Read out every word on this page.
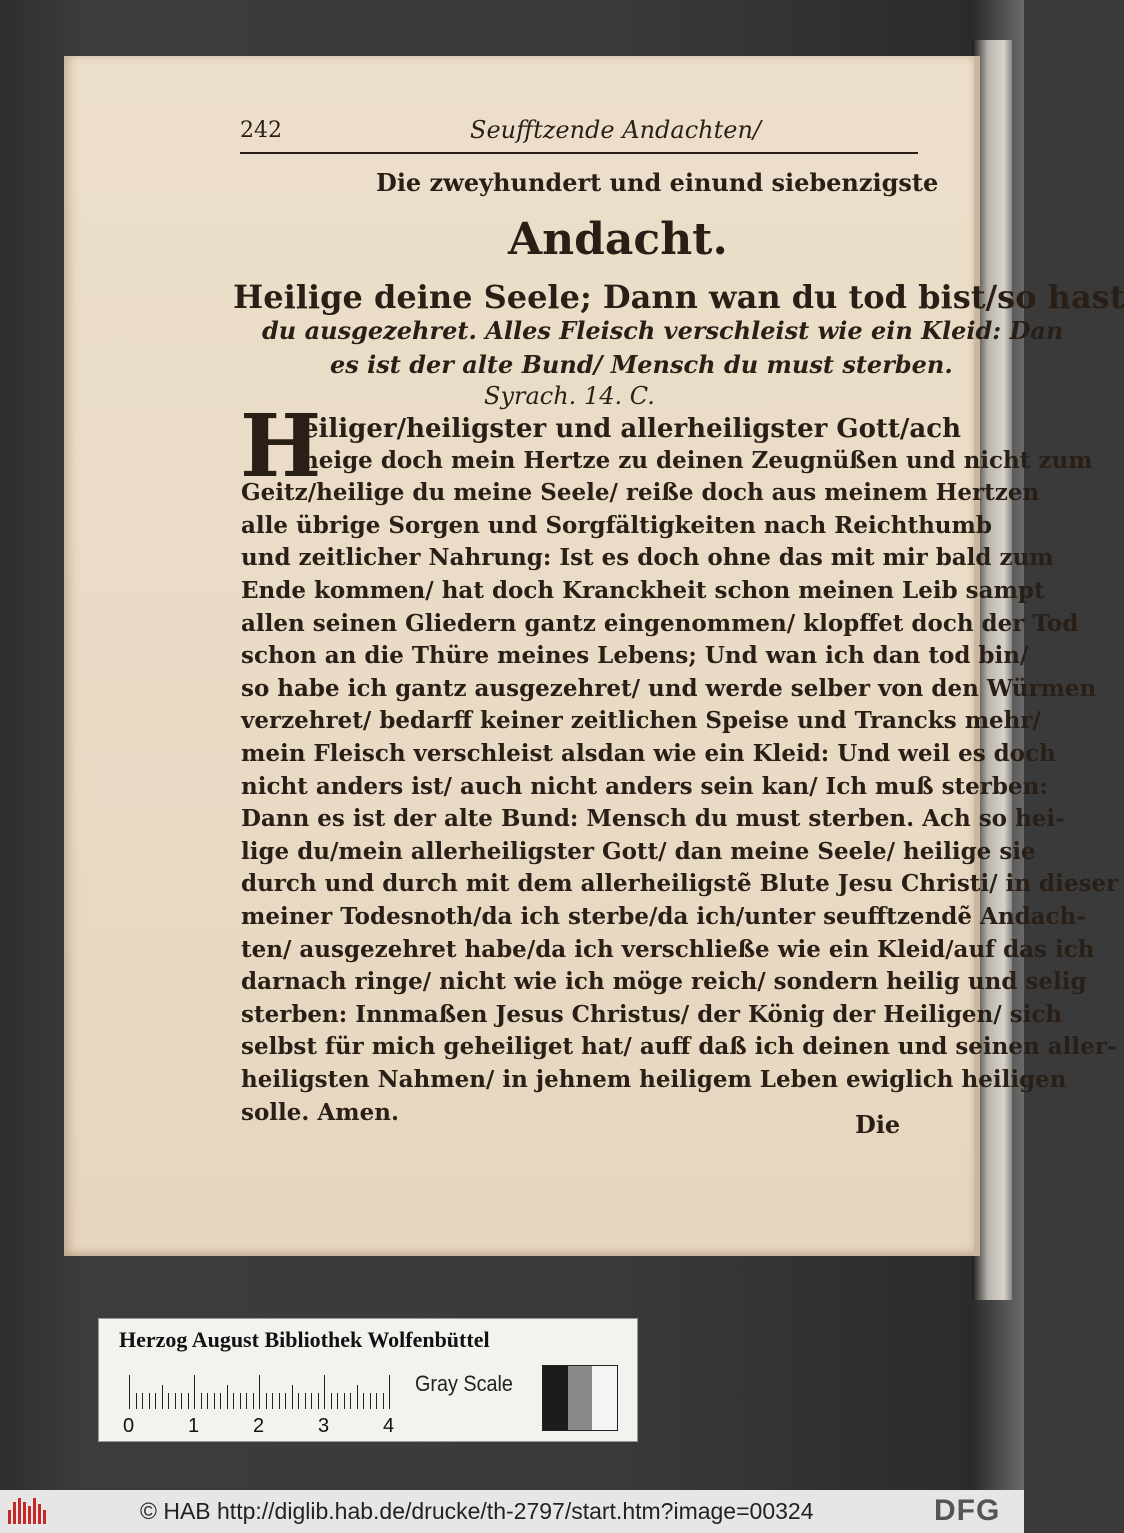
242	Seufftzende Andachten/
Die zweyhundert und einund siebenzigste
Andacht.
Heilige deine Seele; Dann wan du tod bist/so hast
du ausgezehret. Alles Fleisch verschleist wie ein Kleid: Dan
es ist der alte Bund/ Mensch du must sterben.
Syrach. 14. C.
H
eiliger/heiligster und allerheiligster Gott/ach
neige doch mein Hertze zu deinen Zeugnüßen und nicht zum
Geitz/heilige du meine Seele/ reiße doch aus meinem Hertzen
alle übrige Sorgen und Sorgfältigkeiten nach Reichthumb
und zeitlicher Nahrung: Ist es doch ohne das mit mir bald zum
Ende kommen/ hat doch Kranckheit schon meinen Leib sampt
allen seinen Gliedern gantz eingenommen/ klopffet doch der Tod
schon an die Thüre meines Lebens; Und wan ich dan tod bin/
so habe ich gantz ausgezehret/ und werde selber von den Würmen
verzehret/ bedarff keiner zeitlichen Speise und Trancks mehr/
mein Fleisch verschleist alsdan wie ein Kleid: Und weil es doch
nicht anders ist/ auch nicht anders sein kan/ Ich muß sterben:
Dann es ist der alte Bund: Mensch du must sterben. Ach so hei-
lige du/mein allerheiligster Gott/ dan meine Seele/ heilige sie
durch und durch mit dem allerheiligstẽ Blute Jesu Christi/ in dieser
meiner Todesnoth/da ich sterbe/da ich/unter seufftzendẽ Andach-
ten/ ausgezehret habe/da ich verschließe wie ein Kleid/auf das ich
darnach ringe/ nicht wie ich möge reich/ sondern heilig und selig
sterben: Innmaßen Jesus Christus/ der König der Heiligen/ sich
selbst für mich geheiliget hat/ auff daß ich deinen und seinen aller-
heiligsten Nahmen/ in jehnem heiligem Leben ewiglich heiligen
solle. Amen.	Die
Herzog August Bibliothek Wolfenbüttel
0	1	2	3	4
Gray Scale
© HAB http://diglib.hab.de/drucke/th-2797/start.htm?image=00324	DFG
